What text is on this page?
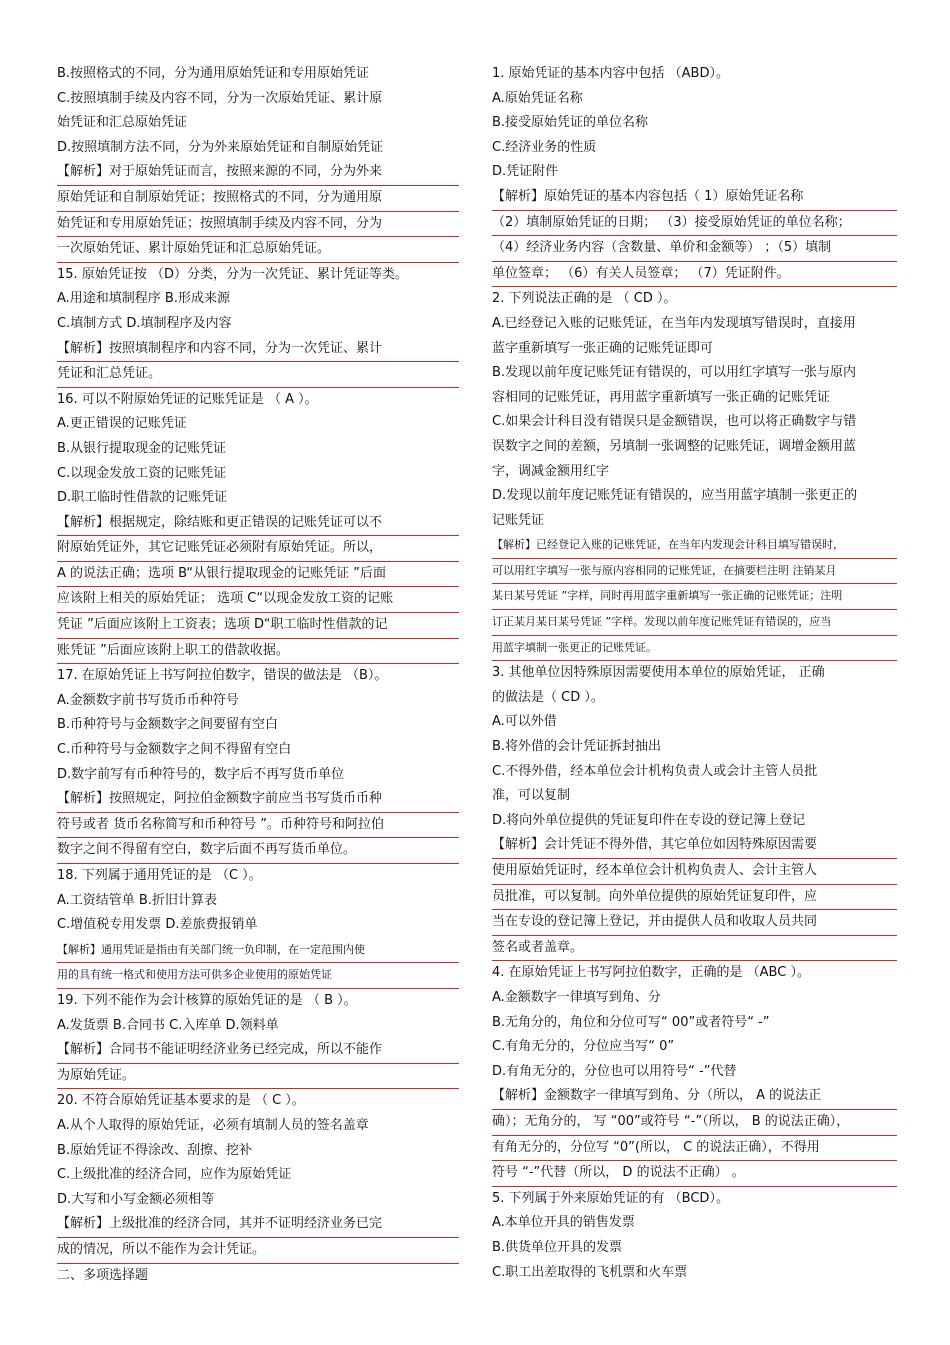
B.按照格式的不同，分为通用原始凭证和专用原始凭证
C.按照填制手续及内容不同，分为一次原始凭证、累计原
始凭证和汇总原始凭证
D.按照填制方法不同，分为外来原始凭证和自制原始凭证
【解析】对于原始凭证而言，按照来源的不同，分为外来
原始凭证和自制原始凭证；按照格式的不同，分为通用原
始凭证和专用原始凭证；按照填制手续及内容不同，分为
一次原始凭证、累计原始凭证和汇总原始凭证。
15. 原始凭证按 （D）分类，分为一次凭证、累计凭证等类。
A.用途和填制程序 B.形成来源
C.填制方式 D.填制程序及内容
【解析】按照填制程序和内容不同，分为一次凭证、累计
凭证和汇总凭证。
16. 可以不附原始凭证的记账凭证是 （ A ）。
A.更正错误的记账凭证
B.从银行提取现金的记账凭证
C.以现金发放工资的记账凭证
D.职工临时性借款的记账凭证
【解析】根据规定，除结账和更正错误的记账凭证可以不
附原始凭证外，其它记账凭证必须附有原始凭证。所以，
A 的说法正确；选项 B“从银行提取现金的记账凭证 ”后面
应该附上相关的原始凭证； 选项 C“以现金发放工资的记账
凭证 ”后面应该附上工资表；选项 D“职工临时性借款的记
账凭证 ”后面应该附上职工的借款收据。
17. 在原始凭证上书写阿拉伯数字，错误的做法是 （B）。
A.金额数字前书写货币币种符号
B.币种符号与金额数字之间要留有空白
C.币种符号与金额数字之间不得留有空白
D.数字前写有币种符号的，数字后不再写货币单位
【解析】按照规定，阿拉伯金额数字前应当书写货币币种
符号或者 货币名称简写和币种符号 ”。币种符号和阿拉伯
数字之间不得留有空白，数字后面不再写货币单位。
18. 下列属于通用凭证的是 （C ）。
A.工资结管单 B.折旧计算表
C.增值税专用发票 D.差旅费报销单
【解析】通用凭证是指由有关部门统一负印制，在一定范围内使
用的具有统一格式和使用方法可供多企业使用的原始凭证
19. 下列不能作为会计核算的原始凭证的是 （ B ）。
A.发货票 B.合同书 C.入库单 D.领料单
【解析】合同书不能证明经济业务已经完成，所以不能作
为原始凭证。
20. 不符合原始凭证基本要求的是 （ C ）。
A.从个人取得的原始凭证，必须有填制人员的签名盖章
B.原始凭证不得涂改、刮擦、挖补
C.上级批准的经济合同，应作为原始凭证
D.大写和小写金额必须相等
【解析】上级批准的经济合同，其并不证明经济业务已完
成的情况，所以不能作为会计凭证。
二、多项选择题
1. 原始凭证的基本内容中包括 （ABD）。
A.原始凭证名称
B.接受原始凭证的单位名称
C.经济业务的性质
D.凭证附件
【解析】原始凭证的基本内容包括（ 1）原始凭证名称
（2）填制原始凭证的日期； （3）接受原始凭证的单位名称；
（4）经济业务内容（含数量、单价和金额等） ；（5）填制
单位签章； （6）有关人员签章； （7）凭证附件。
2. 下列说法正确的是 （ CD ）。
A.已经登记入账的记账凭证，在当年内发现填写错误时，直接用
蓝字重新填写一张正确的记账凭证即可
B.发现以前年度记账凭证有错误的，可以用红字填写一张与原内
容相同的记账凭证，再用蓝字重新填写一张正确的记账凭证
C.如果会计科目没有错误只是金额错误，也可以将正确数字与错
误数字之间的差额，另填制一张调整的记账凭证，调增金额用蓝
字，调减金额用红字
D.发现以前年度记账凭证有错误的，应当用蓝字填制一张更正的
记账凭证
【解析】已经登记入账的记账凭证，在当年内发现会计科目填写错误时，
可以用红字填写一张与原内容相同的记账凭证，在摘要栏注明 注销某月
某日某号凭证 ”字样，同时再用蓝字重新填写一张正确的记账凭证；注明
订正某月某日某号凭证 ”字样。发现以前年度记账凭证有错误的，应当
用蓝字填制一张更正的记账凭证。
3. 其他单位因特殊原因需要使用本单位的原始凭证， 正确
的做法是（ CD ）。
A.可以外借
B.将外借的会计凭证拆封抽出
C.不得外借，经本单位会计机构负责人或会计主管人员批
准，可以复制
D.将向外单位提供的凭证复印件在专设的登记簿上登记
【解析】会计凭证不得外借，其它单位如因特殊原因需要
使用原始凭证时，经本单位会计机构负责人、会计主管人
员批准，可以复制。向外单位提供的原始凭证复印件，应
当在专设的登记簿上登记，并由提供人员和收取人员共同
签名或者盖章。
4. 在原始凭证上书写阿拉伯数字，正确的是 （ABC ）。
A.金额数字一律填写到角、分
B.无角分的，角位和分位可写“ 00”或者符号“ -”
C.有角无分的，分位应当写“ 0”
D.有角无分的，分位也可以用符号“ -”代替
【解析】金额数字一律填写到角、分（所以， A 的说法正
确）；无角分的， 写 “00”或符号 “-”（所以， B 的说法正确），
有角无分的，分位写 “0”(所以， C 的说法正确），不得用
符号 “-”代替（所以， D 的说法不正确） 。
5. 下列属于外来原始凭证的有 （BCD）。
A.本单位开具的销售发票
B.供货单位开具的发票
C.职工出差取得的飞机票和火车票
